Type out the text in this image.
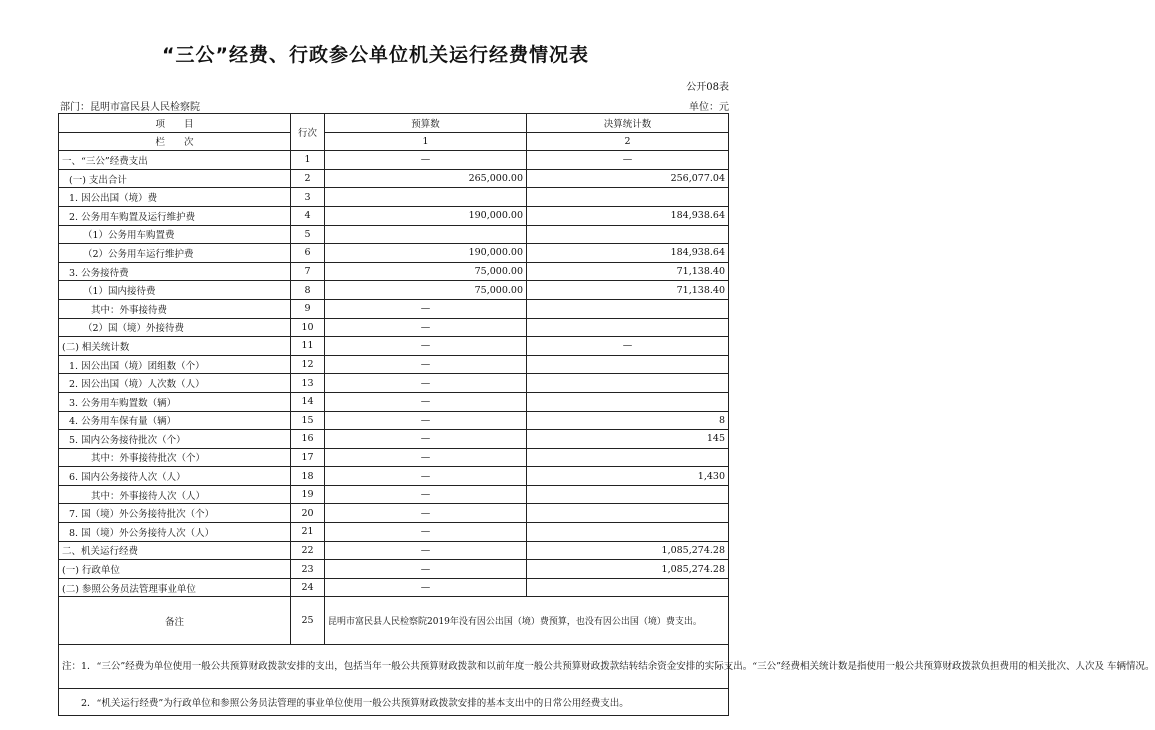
“三公”经费、行政参公单位机关运行经费情况表
公开08表
部门：昆明市富民县人民检察院	单位：元
项　　目	行次	预算数	决算统计数
栏　　次		1	2
一、“三公”经费支出	1	—	—
(一) 支出合计	2	265,000.00	256,077.04
1. 因公出国（境）费	3		
2. 公务用车购置及运行维护费	4	190,000.00	184,938.64
（1）公务用车购置费	5		
（2）公务用车运行维护费	6	190,000.00	184,938.64
3. 公务接待费	7	75,000.00	71,138.40
（1）国内接待费	8	75,000.00	71,138.40
其中：外事接待费	9	—	
（2）国（境）外接待费	10	—	
(二) 相关统计数	11	—	—
1. 因公出国（境）团组数（个）	12	—	
2. 因公出国（境）人次数（人）	13	—	
3. 公务用车购置数（辆）	14	—	
4. 公务用车保有量（辆）	15	—	8
5. 国内公务接待批次（个）	16	—	145
其中：外事接待批次（个）	17	—	
6. 国内公务接待人次（人）	18	—	1,430
其中：外事接待人次（人）	19	—	
7. 国（境）外公务接待批次（个）	20	—	
8. 国（境）外公务接待人次（人）	21	—	
二、机关运行经费	22	—	1,085,274.28
(一) 行政单位	23	—	1,085,274.28
(二) 参照公务员法管理事业单位	24	—	
备注	25	昆明市富民县人民检察院2019年没有因公出国（境）费预算，也没有因公出国（境）费支出。	
注：1．“三公”经费为单位使用一般公共预算财政拨款安排的支出，包括当年一般公共预算财政拨款和以前年度一般公共预算财政拨款结转结余资金安排的实际支出。“三公”经费相关统计数是指使用一般公共预算财政拨款负担费用的相关批次、人次及 车辆情况。			
2．“机关运行经费”为行政单位和参照公务员法管理的事业单位使用一般公共预算财政拨款安排的基本支出中的日常公用经费支出。			
